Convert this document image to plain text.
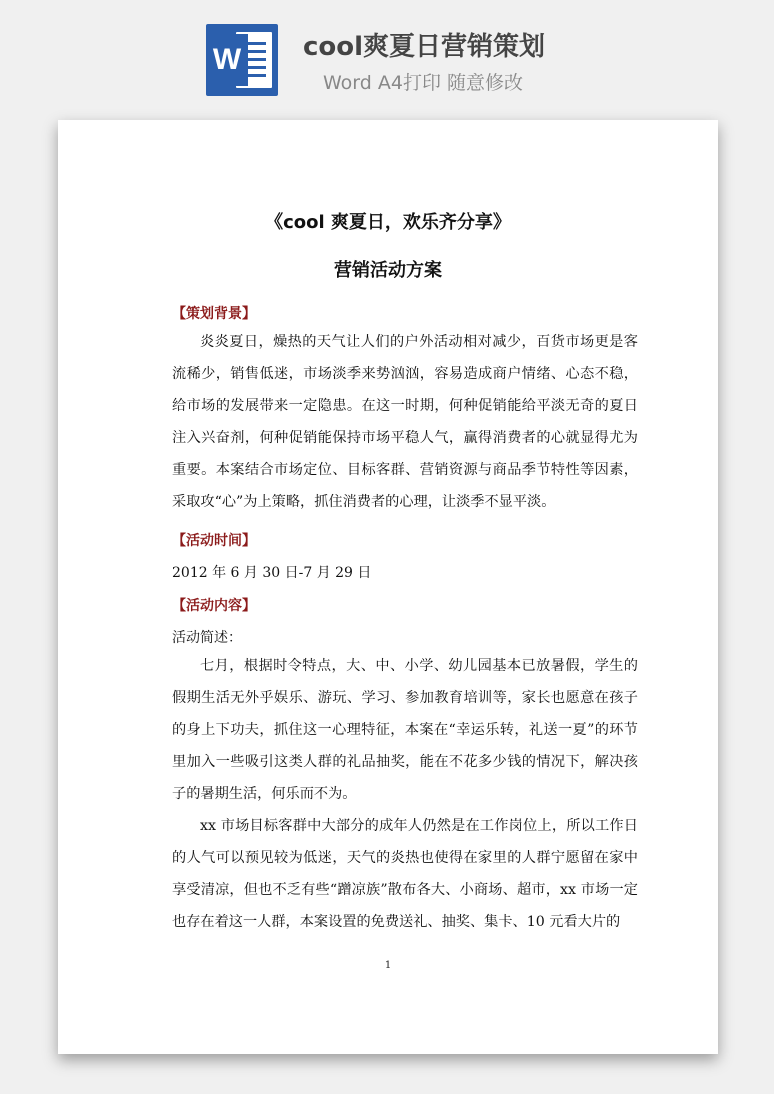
W cool爽夏日营销策划
Word A4打印 随意修改
《cool 爽夏日，欢乐齐分享》
营销活动方案
【策划背景】

炎炎夏日，燥热的天气让人们的户外活动相对减少，百货市场更是客流稀少，销售低迷，市场淡季来势汹汹，容易造成商户情绪、心态不稳，给市场的发展带来一定隐患。在这一时期，何种促销能给平淡无奇的夏日注入兴奋剂，何种促销能保持市场平稳人气，赢得消费者的心就显得尤为重要。本案结合市场定位、目标客群、营销资源与商品季节特性等因素，采取攻“心”为上策略，抓住消费者的心理，让淡季不显平淡。

【活动时间】
2012 年 6 月 30 日-7 月 29 日
【活动内容】
活动简述：

七月，根据时令特点，大、中、小学、幼儿园基本已放暑假，学生的假期生活无外乎娱乐、游玩、学习、参加教育培训等，家长也愿意在孩子的身上下功夫，抓住这一心理特征，本案在“幸运乐转，礼送一夏”的环节里加入一些吸引这类人群的礼品抽奖，能在不花多少钱的情况下，解决孩子的暑期生活，何乐而不为。

xx 市场目标客群中大部分的成年人仍然是在工作岗位上，所以工作日的人气可以预见较为低迷，天气的炎热也使得在家里的人群宁愿留在家中享受清凉，但也不乏有些“蹭凉族”散布各大、小商场、超市，xx 市场一定也存在着这一人群，本案设置的免费送礼、抽奖、集卡、10 元看大片的

1
